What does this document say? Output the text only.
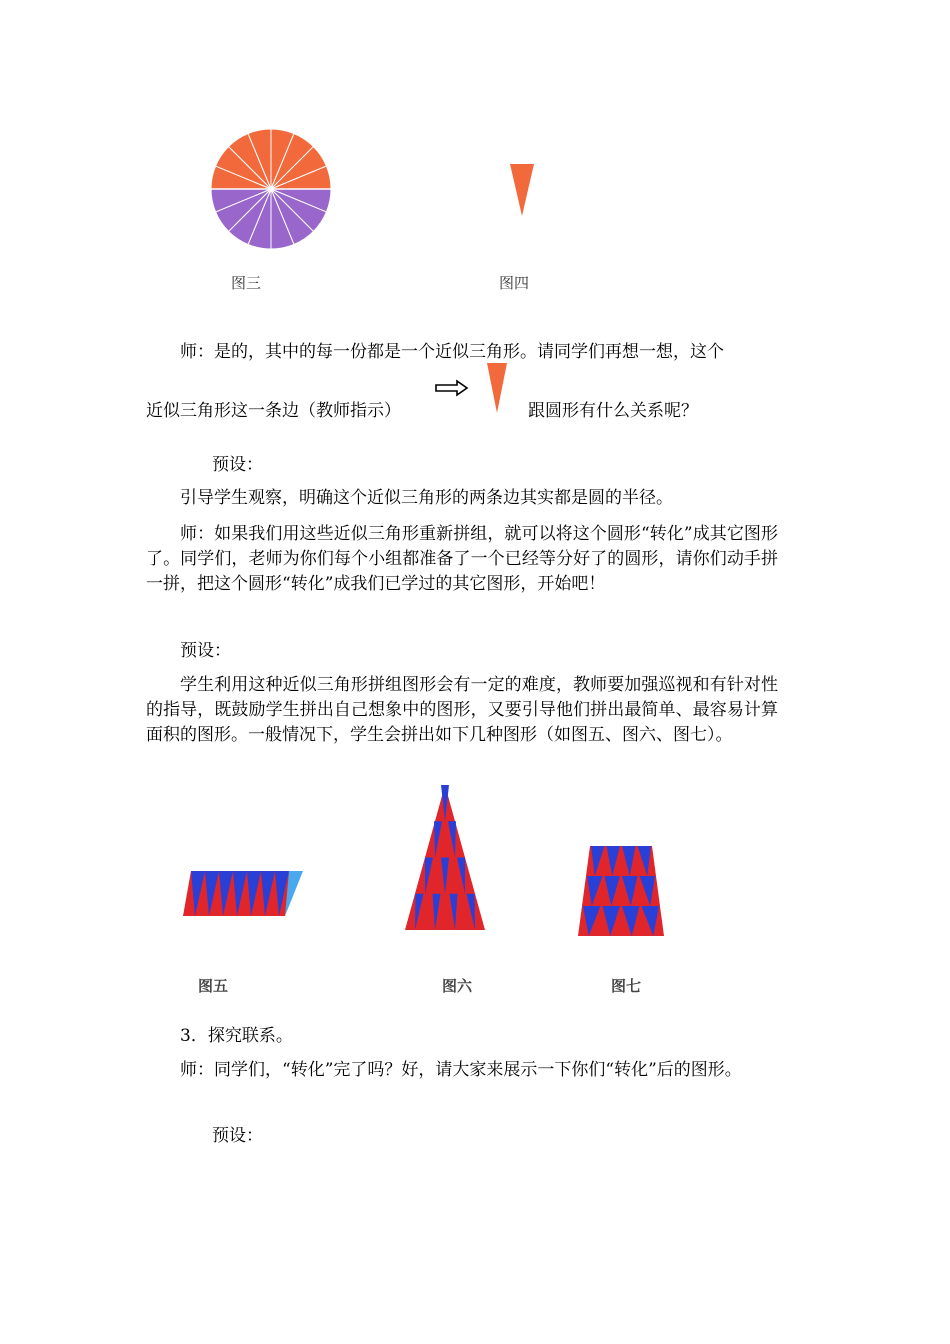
图三	图四
师：是的，其中的每一份都是一个近似三角形。请同学们再想一想，这个
近似三角形这一条边（教师指示）	跟圆形有什么关系呢？
预设：

引导学生观察，明确这个近似三角形的两条边其实都是圆的半径。

师：如果我们用这些近似三角形重新拼组，就可以将这个圆形“转化”成其它图形了。同学们，老师为你们每个小组都准备了一个已经等分好了的圆形，请你们动手拼一拼，把这个圆形“转化”成我们已学过的其它图形，开始吧！

预设：

学生利用这种近似三角形拼组图形会有一定的难度，教师要加强巡视和有针对性的指导，既鼓励学生拼出自己想象中的图形，又要引导他们拼出最简单、最容易计算面积的图形。一般情况下，学生会拼出如下几种图形（如图五、图六、图七）。

图五	图六	图七
3．探究联系。

师：同学们，“转化”完了吗？好，请大家来展示一下你们“转化”后的图形。

预设：
